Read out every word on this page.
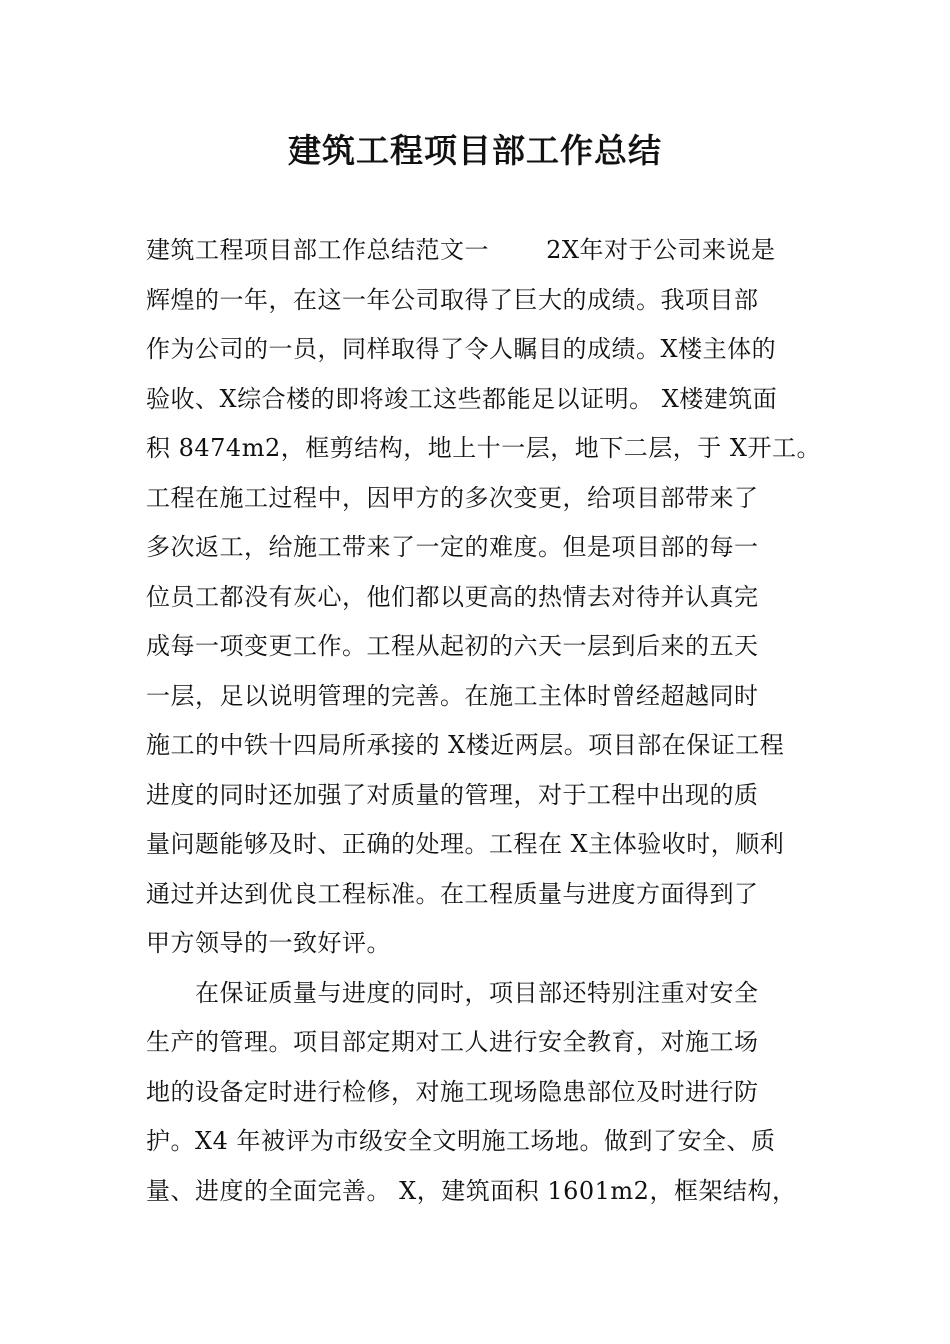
建筑工程项目部工作总结
建筑工程项目部工作总结范文一　　 2X年对于公司来说是
辉煌的一年，在这一年公司取得了巨大的成绩。我项目部
作为公司的一员，同样取得了令人瞩目的成绩。X楼主体的
验收、X综合楼的即将竣工这些都能足以证明。 X楼建筑面
积 8474m2，框剪结构，地上十一层，地下二层，于 X开工。
工程在施工过程中，因甲方的多次变更，给项目部带来了
多次返工，给施工带来了一定的难度。但是项目部的每一
位员工都没有灰心，他们都以更高的热情去对待并认真完
成每一项变更工作。工程从起初的六天一层到后来的五天
一层，足以说明管理的完善。在施工主体时曾经超越同时
施工的中铁十四局所承接的 X楼近两层。项目部在保证工程
进度的同时还加强了对质量的管理，对于工程中出现的质
量问题能够及时、正确的处理。工程在 X主体验收时，顺利
通过并达到优良工程标准。在工程质量与进度方面得到了
甲方领导的一致好评。
　　在保证质量与进度的同时，项目部还特别注重对安全
生产的管理。项目部定期对工人进行安全教育，对施工场
地的设备定时进行检修，对施工现场隐患部位及时进行防
护。X4 年被评为市级安全文明施工场地。做到了安全、质
量、进度的全面完善。 X，建筑面积 1601m2，框架结构，
